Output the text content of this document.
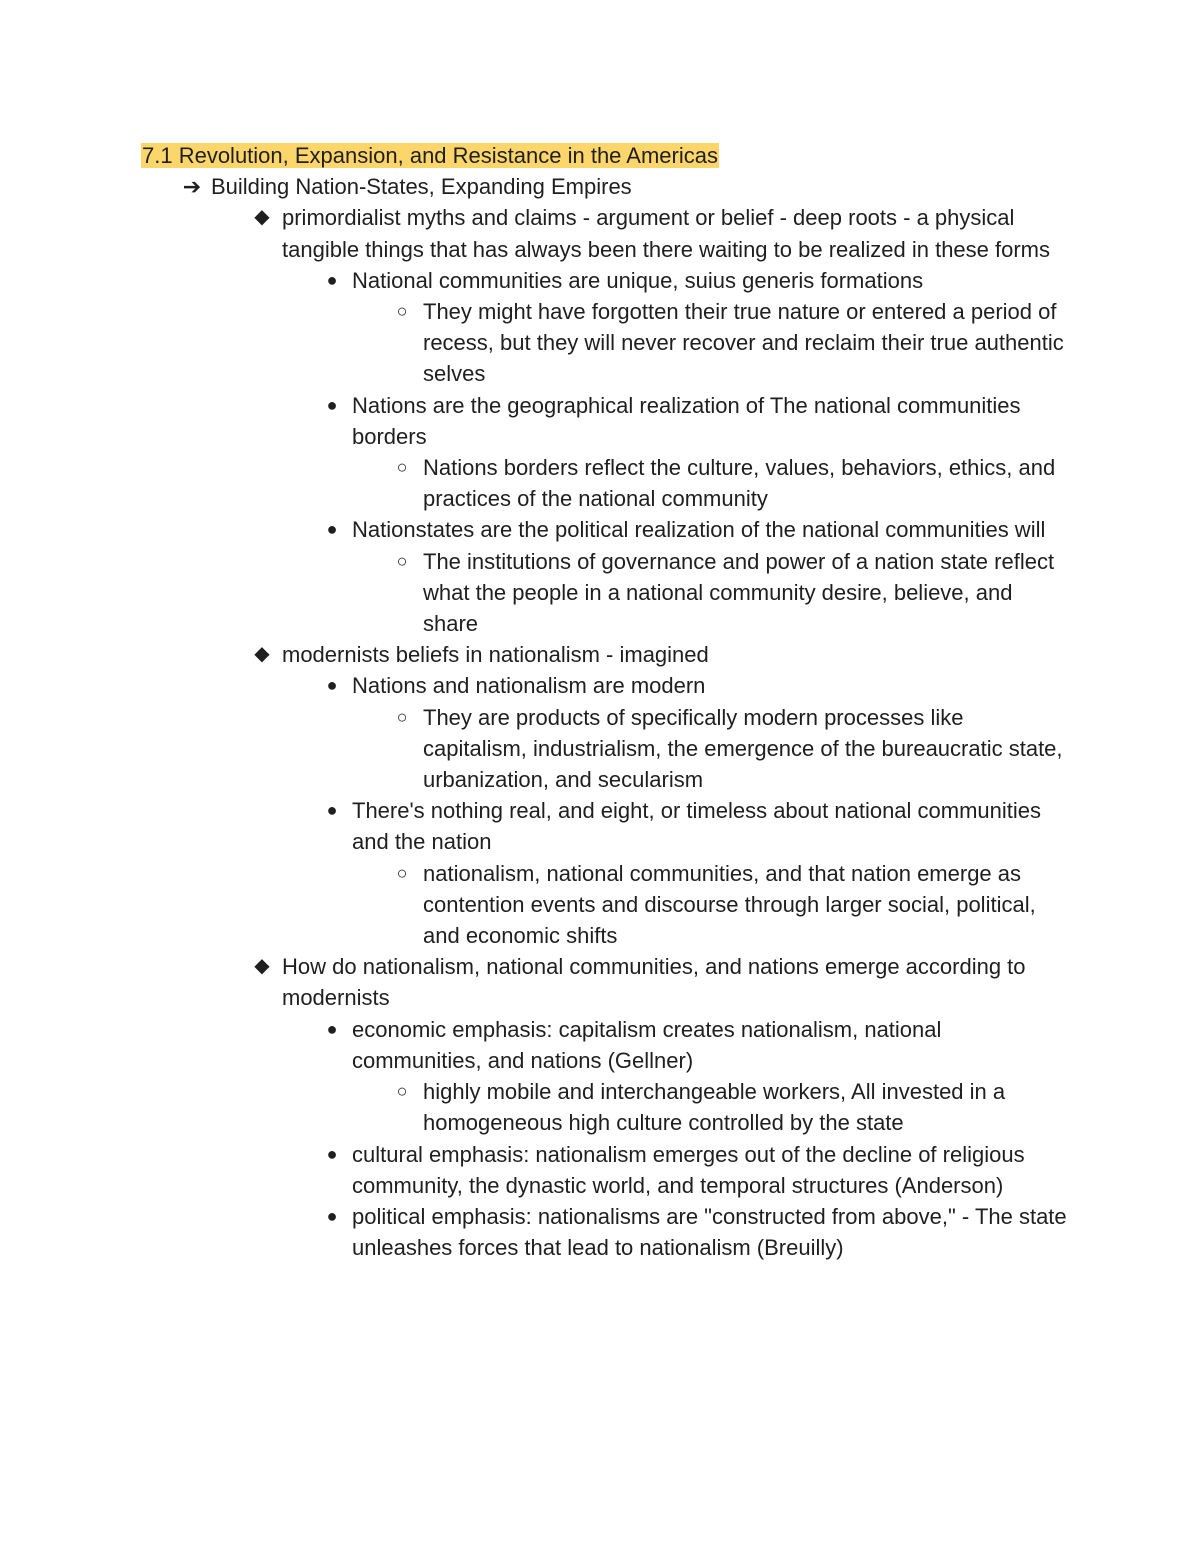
7.1 Revolution, Expansion, and Resistance in the Americas
➔ Building Nation-States, Expanding Empires
◆ primordialist myths and claims - argument or belief - deep roots - a physical tangible things that has always been there waiting to be realized in these forms
● National communities are unique, suius generis formations
○ They might have forgotten their true nature or entered a period of recess, but they will never recover and reclaim their true authentic selves
● Nations are the geographical realization of The national communities borders
○ Nations borders reflect the culture, values, behaviors, ethics, and practices of the national community
● Nationstates are the political realization of the national communities will
○ The institutions of governance and power of a nation state reflect what the people in a national community desire, believe, and share
◆ modernists beliefs in nationalism - imagined
● Nations and nationalism are modern
○ They are products of specifically modern processes like capitalism, industrialism, the emergence of the bureaucratic state, urbanization, and secularism
● There's nothing real, and eight, or timeless about national communities and the nation
○ nationalism, national communities, and that nation emerge as contention events and discourse through larger social, political, and economic shifts
◆ How do nationalism, national communities, and nations emerge according to modernists
● economic emphasis: capitalism creates nationalism, national communities, and nations (Gellner)
○ highly mobile and interchangeable workers, All invested in a homogeneous high culture controlled by the state
● cultural emphasis: nationalism emerges out of the decline of religious community, the dynastic world, and temporal structures (Anderson)
● political emphasis: nationalisms are "constructed from above," - The state unleashes forces that lead to nationalism (Breuilly)
